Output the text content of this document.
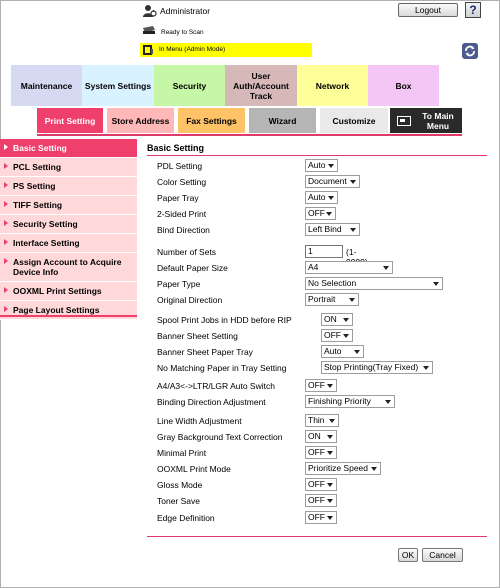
Administrator	Logout	?
Ready to Scan
In Menu (Admin Mode)
Maintenance	System Settings	Security
User Auth/Account Track
Network	Box
Print Setting	Store Address	Fax Settings	Wizard	Customize	To Main Menu
Basic Setting
PCL Setting
PS Setting
TIFF Setting
Security Setting
Interface Setting
Assign Account to Acquire Device Info
OOXML Print Settings
Page Layout Settings
Basic Setting
PDL Setting	Auto
Color Setting	Document
Paper Tray	Auto
2-Sided Print	OFF
Bind Direction	Left Bind
Number of Sets	1	(1-
Default Paper Size	A4
Paper Type	No Selection
Original Direction	Portrait
Spool Print Jobs in HDD before RIP	ON
Banner Sheet Setting	OFF
Banner Sheet Paper Tray	Auto
No Matching Paper in Tray Setting	Stop Printing(Tray Fixed)
A4/A3<->LTR/LGR Auto Switch	OFF
Binding Direction Adjustment	Finishing Priority
Line Width Adjustment	Thin
Gray Background Text Correction	ON
Minimal Print	OFF
OOXML Print Mode	Prioritize Speed
Gloss Mode	OFF
Toner Save	OFF
Edge Definition	OFF
OK	Cancel
